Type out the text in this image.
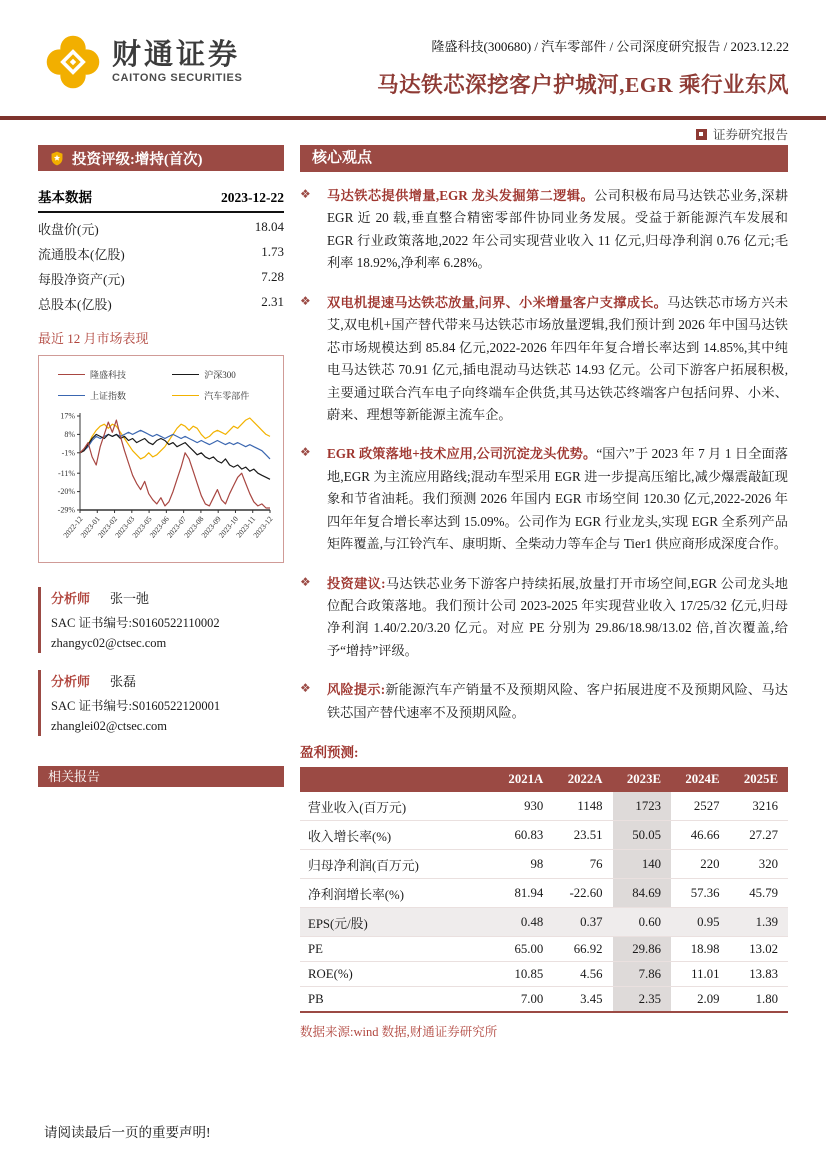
财通证券
CAITONG SECURITIES
隆盛科技(300680) / 汽车零部件 / 公司深度研究报告 / 2023.12.22
马达铁芯深挖客户护城河,EGR 乘行业东风
证券研究报告
投资评级:增持(首次)
基本数据	2023-12-22
收盘价(元)	18.04
流通股本(亿股)	1.73
每股净资产(元)	7.28
总股本(亿股)	2.31
最近 12 月市场表现
隆盛科技	沪深300
上证指数	汽车零部件
17%
8%
-1%
-11%
-20%
-29%
2022-12
2023-01
2023-02
2023-03
2023-05
2023-06
2023-07
2023-08
2023-09
2023-10
2023-11
2023-12
分析师 张一弛
SAC 证书编号:S0160522110002
zhangyc02@ctsec.com
分析师 张磊
SAC 证书编号:S0160522120001
zhanglei02@ctsec.com
相关报告
核心观点
❖	马达铁芯提供增量,EGR 龙头发掘第二逻辑。公司积极布局马达铁芯业务,深耕 EGR 近 20 载,垂直整合精密零部件协同业务发展。受益于新能源汽车发展和 EGR 行业政策落地,2022 年公司实现营业收入 11 亿元,归母净利润 0.76 亿元;毛利率 18.92%,净利率 6.28%。

❖	双电机提速马达铁芯放量,问界、小米增量客户支撑成长。马达铁芯市场方兴未艾,双电机+国产替代带来马达铁芯市场放量逻辑,我们预计到 2026 年中国马达铁芯市场规模达到 85.84 亿元,2022-2026 年四年年复合增长率达到 14.85%,其中纯电马达铁芯 70.91 亿元,插电混动马达铁芯 14.93 亿元。公司下游客户拓展积极,主要通过联合汽车电子向终端车企供货,其马达铁芯终端客户包括问界、小米、蔚来、理想等新能源主流车企。

❖	EGR 政策落地+技术应用,公司沉淀龙头优势。“国六”于 2023 年 7 月 1 日全面落地,EGR 为主流应用路线;混动车型采用 EGR 进一步提高压缩比,减少爆震敲缸现象和节省油耗。我们预测 2026 年国内 EGR 市场空间 120.30 亿元,2022-2026 年四年年复合增长率达到 15.09%。公司作为 EGR 行业龙头,实现 EGR 全系列产品矩阵覆盖,与江铃汽车、康明斯、全柴动力等车企与 Tier1 供应商形成深度合作。

❖	投资建议:马达铁芯业务下游客户持续拓展,放量打开市场空间,EGR 公司龙头地位配合政策落地。我们预计公司 2023-2025 年实现营业收入 17/25/32 亿元,归母净利润 1.40/2.20/3.20 亿元。对应 PE 分别为 29.86/18.98/13.02 倍,首次覆盖,给予“增持”评级。

❖	风险提示:新能源汽车产销量不及预期风险、客户拓展进度不及预期风险、马达铁芯国产替代速率不及预期风险。

盈利预测:
	2021A	2022A	2023E	2024E	2025E
营业收入(百万元)	930	1148	1723	2527	3216
收入增长率(%)	60.83	23.51	50.05	46.66	27.27
归母净利润(百万元)	98	76	140	220	320
净利润增长率(%)	81.94	-22.60	84.69	57.36	45.79
EPS(元/股)	0.48	0.37	0.60	0.95	1.39
PE	65.00	66.92	29.86	18.98	13.02
ROE(%)	10.85	4.56	7.86	11.01	13.83
PB	7.00	3.45	2.35	2.09	1.80
数据来源:wind 数据,财通证券研究所
请阅读最后一页的重要声明!
